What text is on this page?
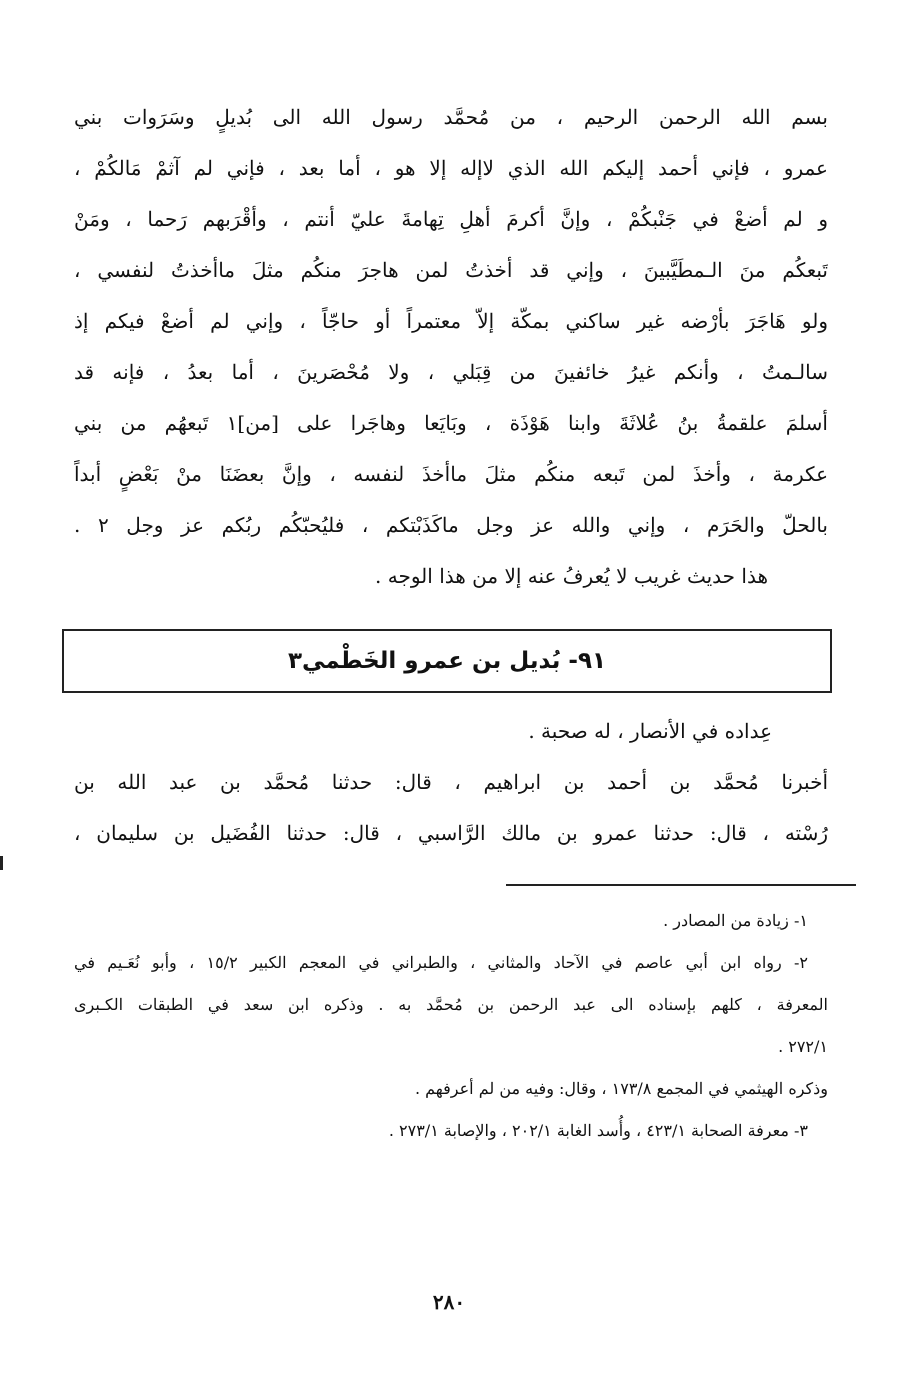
بسم الله الرحمن الرحيم ، من مُحمَّد رسول الله الى بُديلٍ وسَرَوات بني
عمرو ، فإني أحمد إليكم الله الذي لاإله إلا هو ، أما بعد ، فإني لم آثمْ مَالكُمْ ،
و لم أضعْ في جَنْبكُمْ ، وإنَّ أكرمَ أهلِ تِهامةَ عليّ أنتم ، وأقْرَبهم رَحما ، ومَنْ
تَبعكُم منَ الـمطَيَّبينَ ، وإني قد أخذتُ لمن هاجرَ منكُم مثلَ ماأخذتُ لنفسي ،
ولو هَاجَرَ بأرْضه غير ساكني بمكّة إلاّ معتمراً أو حاجّاً ، وإني لم أضعْ فيكم إذ
سالـمتُ ، وأنكم غيرُ خائفينَ من قِبَلي ، ولا مُحْصَرينَ ، أما بعدُ ، فإنه قد
أسلمَ علقمةُ بنُ عُلاثَةَ وابنا هَوْذَة ، وبَايَعا وهاجَرا على [من]١ تَبعهُم من بني
عكرمة ، وأخذَ لمن تَبعه منكُم مثلَ ماأخذَ لنفسه ، وإنَّ بعضَنَا منْ بَعْضٍ أبداً
بالحلّ والحَرَم ، وإني والله عز وجل ماكَذَبْتكم ، فليُحبّكُم ربُكم عز وجل ٢ .
هذا حديث غريب لا يُعرفُ عنه إلا من هذا الوجه .
٩١- بُديل بن عمرو الخَطْمي٣
عِداده في الأنصار ، له صحبة .
أخبرنا مُحمَّد بن أحمد بن ابراهيم ، قال: حدثنا مُحمَّد بن عبد الله بن
رُسْته ، قال: حدثنا عمرو بن مالك الرَّاسبي ، قال: حدثنا الفُضَيل بن سليمان ،
١- زيادة من المصادر .
٢- رواه ابن أبي عاصم في الآحاد والمثاني ، والطبراني في المعجم الكبير ١٥/٢ ، وأبو نُعَـيم في
المعرفة ، كلهم بإسناده الى عبد الرحمن بن مُحمَّد به . وذكره ابن سعد في الطبقات الكـبرى
٢٧٢/١ .
وذكره الهيثمي في المجمع ١٧٣/٨ ، وقال: وفيه من لم أعرفهم .
٣- معرفة الصحابة ٤٢٣/١ ، وأُسد الغابة ٢٠٢/١ ، والإصابة ٢٧٣/١ .
٢٨٠
